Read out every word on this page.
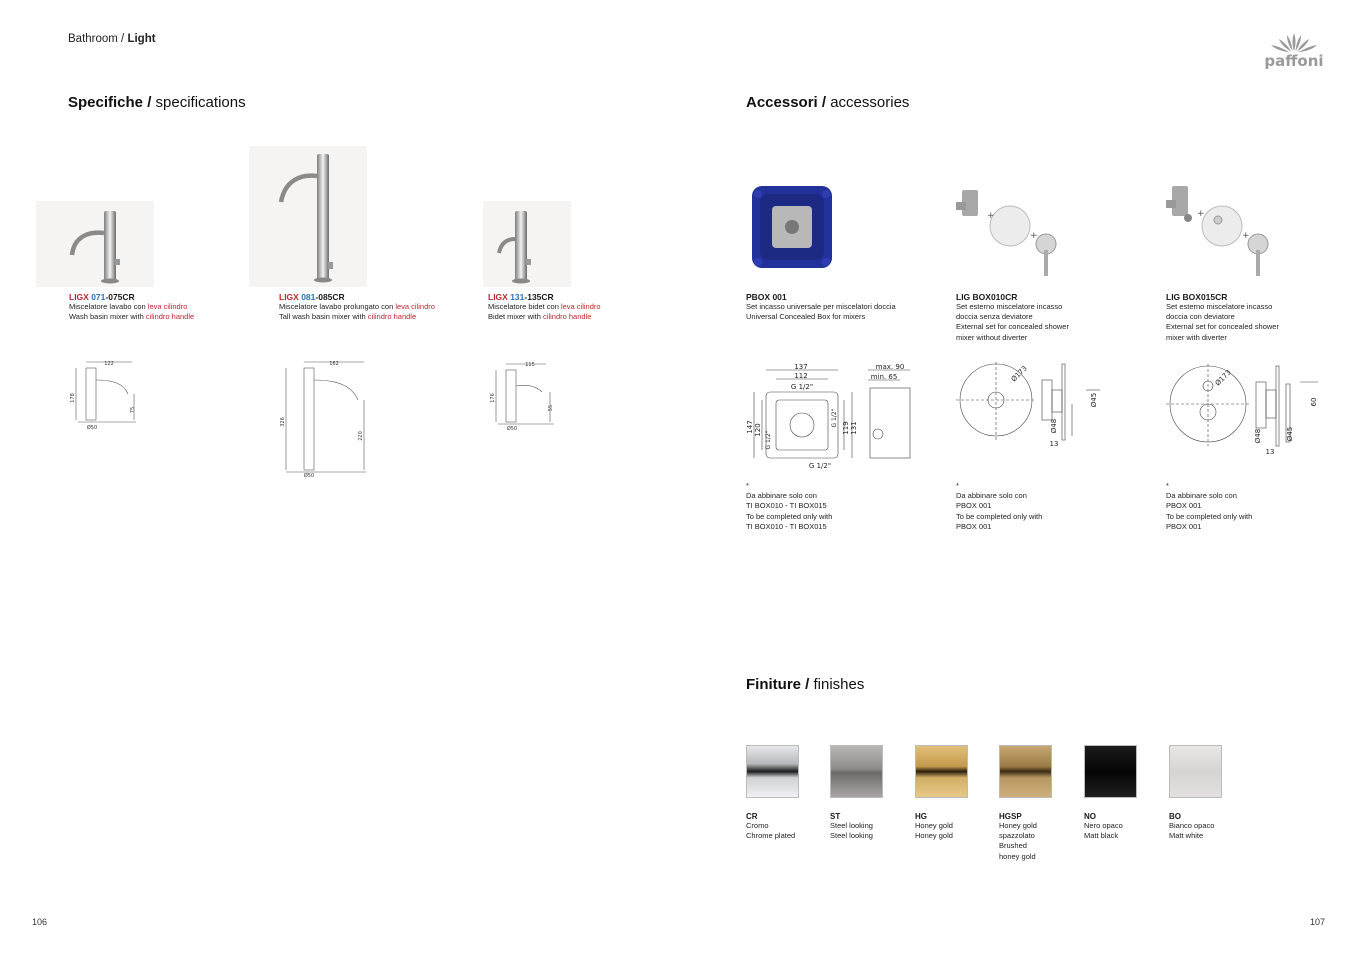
Bathroom / Light
paffoni
Specifiche / specifications
LIGX 071-075CR
Miscelatore lavabo con leva cilindro
Wash basin mixer with cilindro handle
LIGX 081-085CR
Miscelatore lavabo prolungato con leva cilindro
Tall wash basin mixer with cilindro handle
LIGX 131-135CR
Miscelatore bidet con leva cilindro
Bidet mixer with cilindro handle
122
178
75
Ø50
162
326
220
Ø50
115
176
55
Ø50
Accessori / accessories
+
+
+
+
PBOX 001
Set incasso universale per miscelatori doccia
Universal Concealed Box for mixers
LIG BOX010CR
Set esterno miscelatore incasso
doccia senza deviatore
External set for concealed shower
mixer without diverter
LIG BOX015CR
Set esterno miscelatore incasso
doccia con deviatore
External set for concealed shower
mixer with diverter
137
112
G 1/2"
G 1/2"
147 120
G 1/2"
G 1/2"
119 131
max. 90
min. 65	Ø173
Ø45
Ø48
13
Ø173
60
Ø48	Ø45
13
*
Da abbinare solo con
TI BOX010 - TI BOX015
To be completed only with
TI BOX010 - TI BOX015
*
Da abbinare solo con
PBOX 001
To be completed only with
PBOX 001
*
Da abbinare solo con
PBOX 001
To be completed only with
PBOX 001
Finiture / finishes
CR
Cromo
Chrome plated
ST
Steel looking
Steel looking
HG
Honey gold
Honey gold
HGSP
Honey gold
spazzolato
Brushed
honey gold
NO
Nero opaco
Matt black
BO
Bianco opaco
Matt white
106	107
